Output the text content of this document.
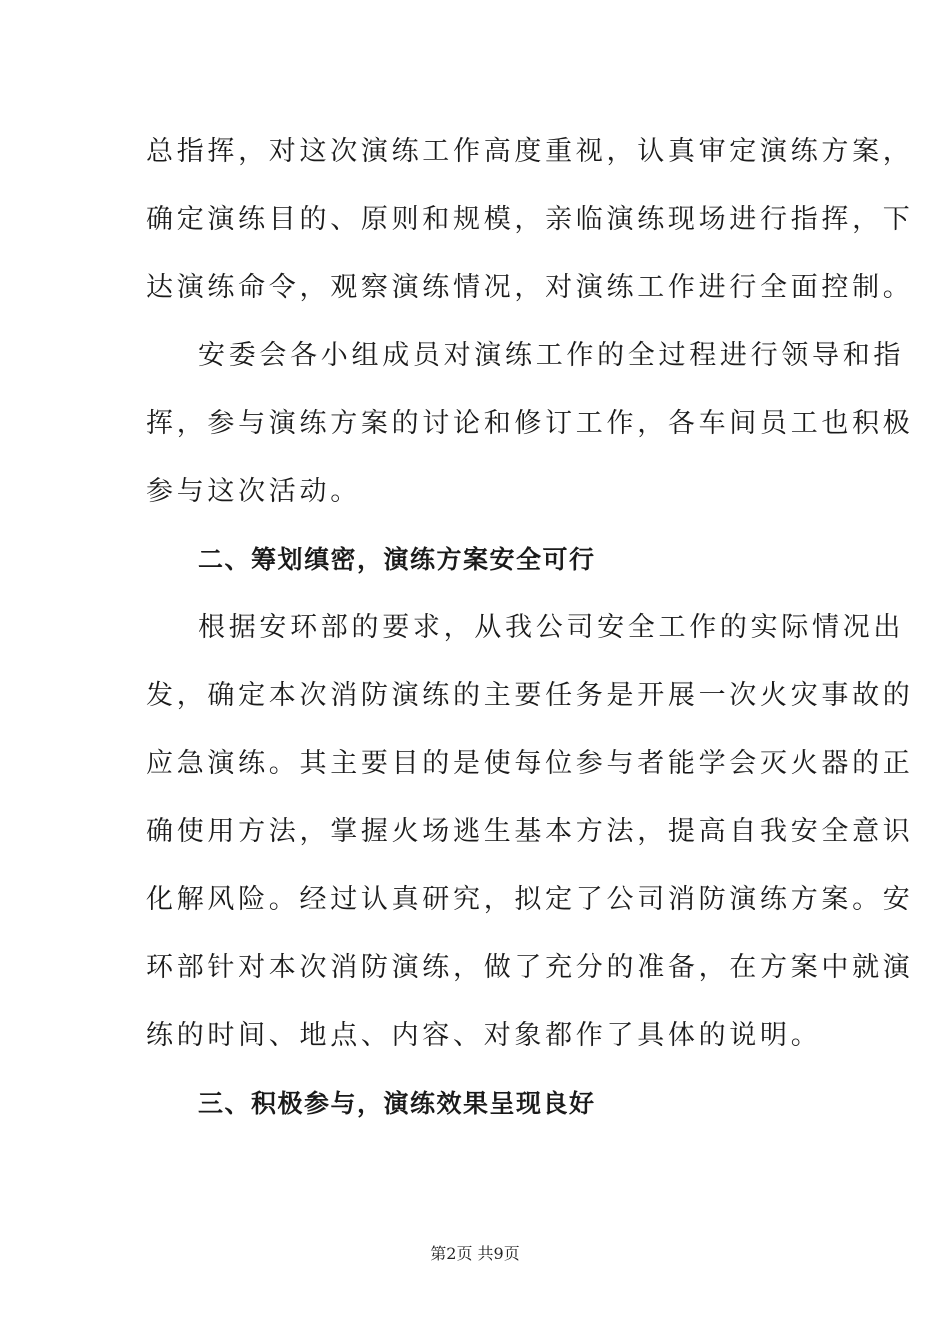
总指挥，对这次演练工作高度重视，认真审定演练方案，
确定演练目的、原则和规模，亲临演练现场进行指挥，下
达演练命令，观察演练情况，对演练工作进行全面控制。
安委会各小组成员对演练工作的全过程进行领导和指
挥，参与演练方案的讨论和修订工作，各车间员工也积极
参与这次活动。
二、筹划缜密，演练方案安全可行
根据安环部的要求，从我公司安全工作的实际情况出
发，确定本次消防演练的主要任务是开展一次火灾事故的
应急演练。其主要目的是使每位参与者能学会灭火器的正
确使用方法，掌握火场逃生基本方法，提高自我安全意识
化解风险。经过认真研究，拟定了公司消防演练方案。安
环部针对本次消防演练，做了充分的准备，在方案中就演
练的时间、地点、内容、对象都作了具体的说明。
三、积极参与，演练效果呈现良好
第2页 共9页
